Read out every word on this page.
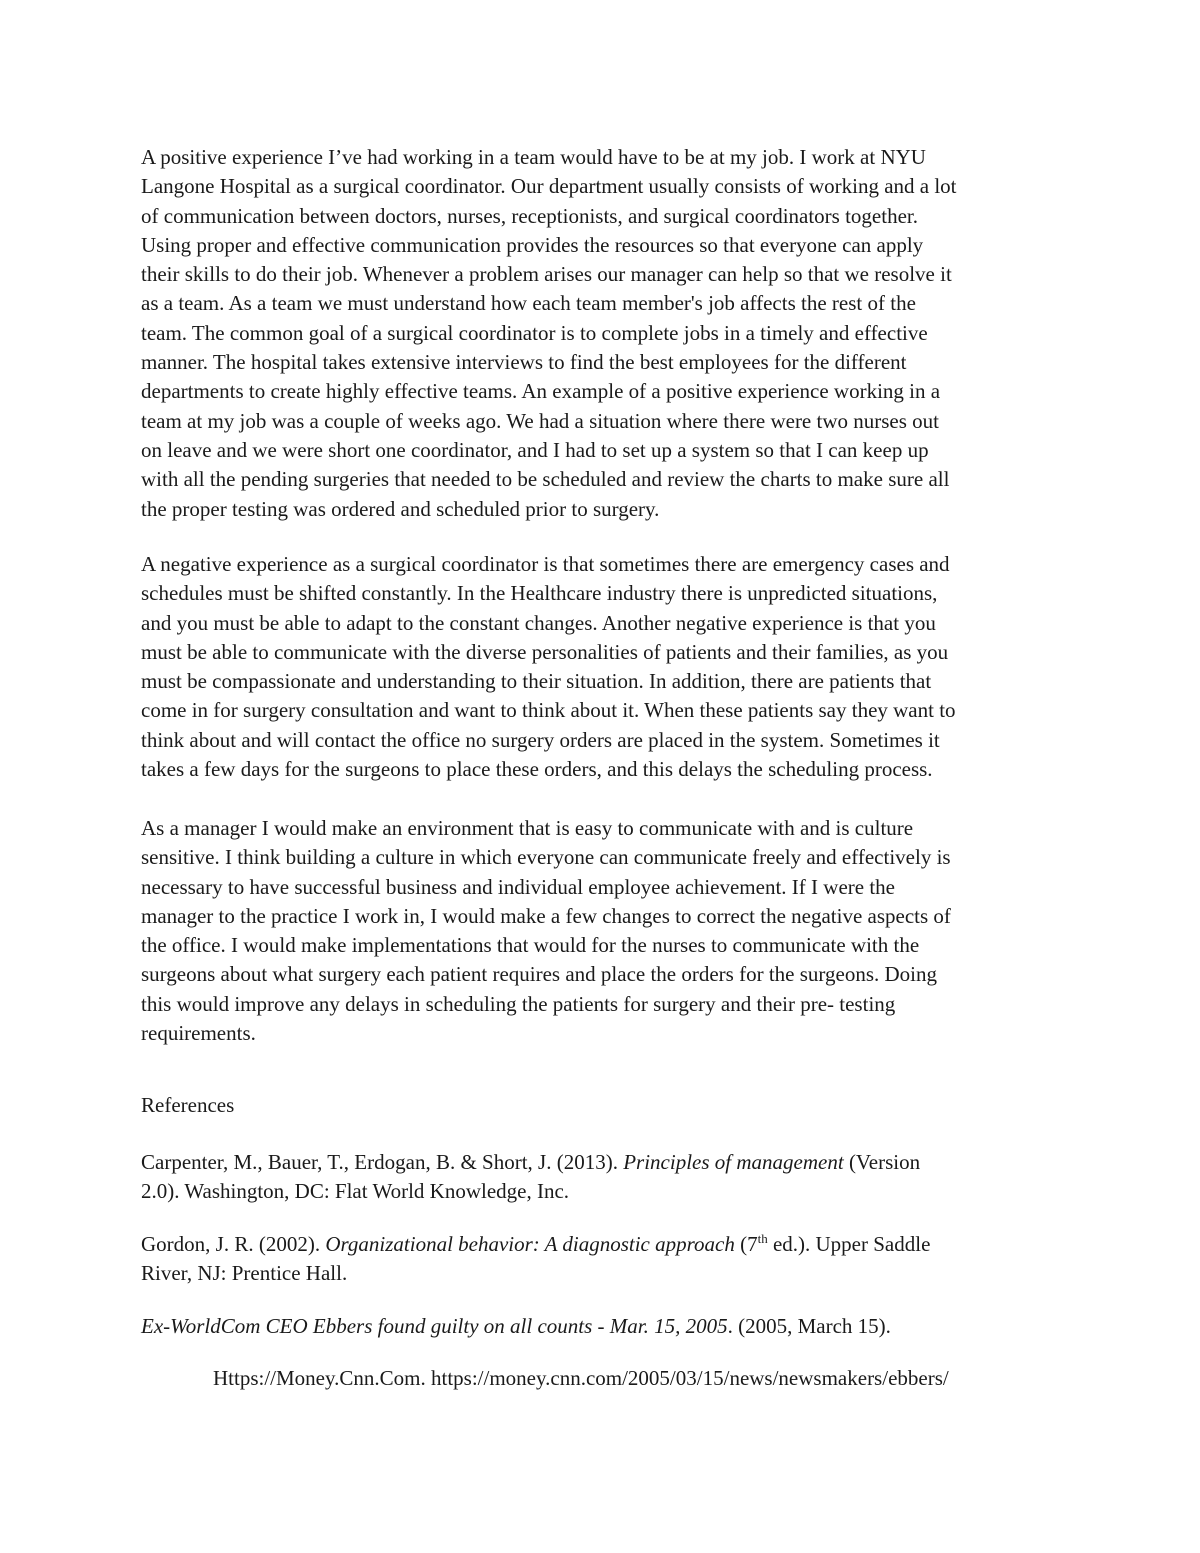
A positive experience I’ve had working in a team would have to be at my job. I work at NYU
Langone Hospital as a surgical coordinator. Our department usually consists of working and a lot
of communication between doctors, nurses, receptionists, and surgical coordinators together.
Using proper and effective communication provides the resources so that everyone can apply
their skills to do their job. Whenever a problem arises our manager can help so that we resolve it
as a team. As a team we must understand how each team member's job affects the rest of the
team. The common goal of a surgical coordinator is to complete jobs in a timely and effective
manner. The hospital takes extensive interviews to find the best employees for the different
departments to create highly effective teams. An example of a positive experience working in a
team at my job was a couple of weeks ago. We had a situation where there were two nurses out
on leave and we were short one coordinator, and I had to set up a system so that I can keep up
with all the pending surgeries that needed to be scheduled and review the charts to make sure all
the proper testing was ordered and scheduled prior to surgery.
A negative experience as a surgical coordinator is that sometimes there are emergency cases and
schedules must be shifted constantly. In the Healthcare industry there is unpredicted situations,
and you must be able to adapt to the constant changes. Another negative experience is that you
must be able to communicate with the diverse personalities of patients and their families, as you
must be compassionate and understanding to their situation. In addition, there are patients that
come in for surgery consultation and want to think about it. When these patients say they want to
think about and will contact the office no surgery orders are placed in the system. Sometimes it
takes a few days for the surgeons to place these orders, and this delays the scheduling process.
As a manager I would make an environment that is easy to communicate with and is culture
sensitive. I think building a culture in which everyone can communicate freely and effectively is
necessary to have successful business and individual employee achievement. If I were the
manager to the practice I work in, I would make a few changes to correct the negative aspects of
the office. I would make implementations that would for the nurses to communicate with the
surgeons about what surgery each patient requires and place the orders for the surgeons. Doing
this would improve any delays in scheduling the patients for surgery and their pre- testing
requirements.
References
Carpenter, M., Bauer, T., Erdogan, B. & Short, J. (2013). Principles of management (Version
2.0). Washington, DC: Flat World Knowledge, Inc.
Gordon, J. R. (2002). Organizational behavior: A diagnostic approach (7th ed.). Upper Saddle
River, NJ: Prentice Hall.
Ex-WorldCom CEO Ebbers found guilty on all counts - Mar. 15, 2005. (2005, March 15).
Https://Money.Cnn.Com. https://money.cnn.com/2005/03/15/news/newsmakers/ebbers/
